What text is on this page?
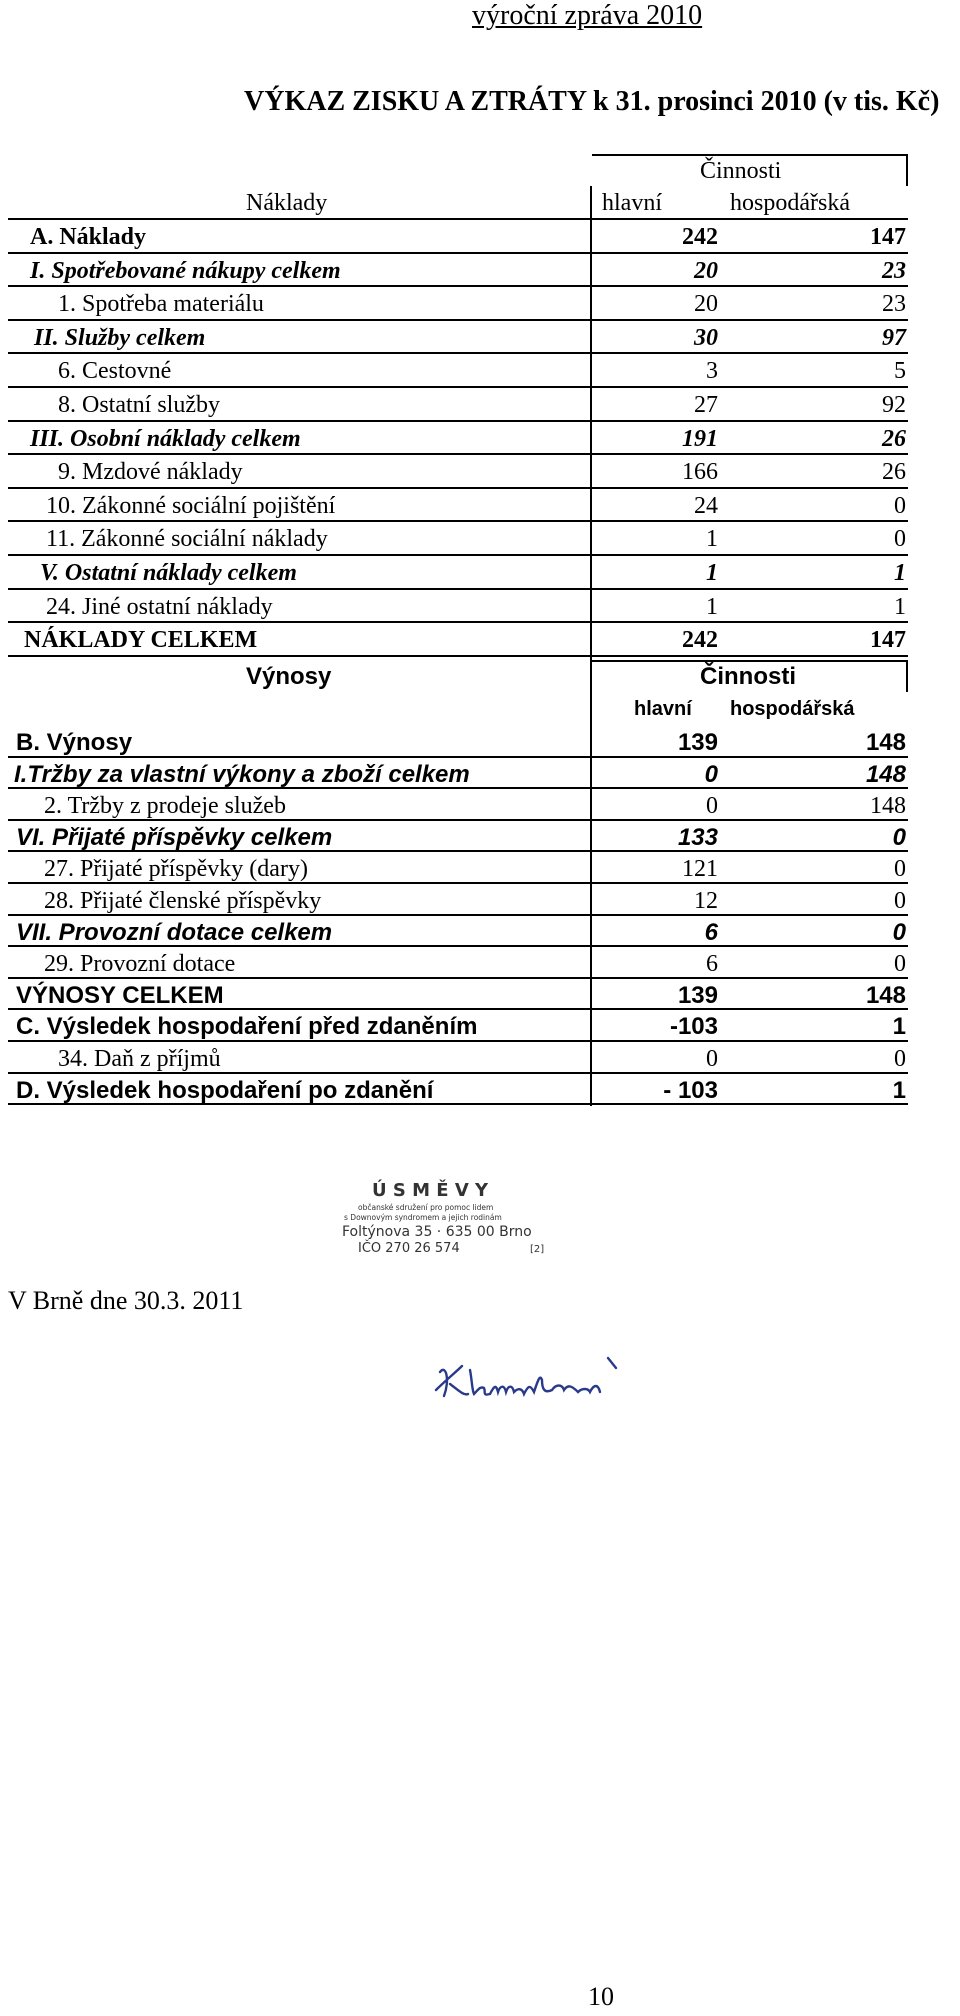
výroční zpráva 2010
VÝKAZ ZISKU A ZTRÁTY k 31. prosinci 2010 (v tis. Kč)
Činnosti
Náklady	hlavní	hospodářská
A. Náklady	242	147
I. Spotřebované nákupy celkem	20	23
1. Spotřeba materiálu	20	23
II. Služby celkem	30	97
6. Cestovné	3	5
8. Ostatní služby	27	92
III. Osobní náklady celkem	191	26
9. Mzdové náklady	166	26
10. Zákonné sociální pojištění	24	0
11. Zákonné sociální náklady	1	0
V. Ostatní náklady celkem	1	1
24. Jiné ostatní náklady	1	1
NÁKLADY CELKEM	242	147
Výnosy	Činnosti
hlavní hospodářská
B. Výnosy	139	148
I.Tržby za vlastní výkony a zboží celkem	0	148
2. Tržby z prodeje služeb	0	148
VI. Přijaté příspěvky celkem	133	0
27. Přijaté příspěvky (dary)	121	0
28. Přijaté členské příspěvky	12	0
VII. Provozní dotace celkem	6	0
29. Provozní dotace	6	0
VÝNOSY CELKEM	139	148
C. Výsledek hospodaření před zdaněním	-103	1
34. Daň z příjmů	0	0
D. Výsledek hospodaření po zdanění	- 103	1
Ú S M Ě V Y
občanské sdružení pro pomoc lidem
s Downovým syndromem a jejich rodinám
Foltýnova 35 · 635 00 Brno
IČO 270 26 574	[2]
V Brně dne 30.3. 2011
10
